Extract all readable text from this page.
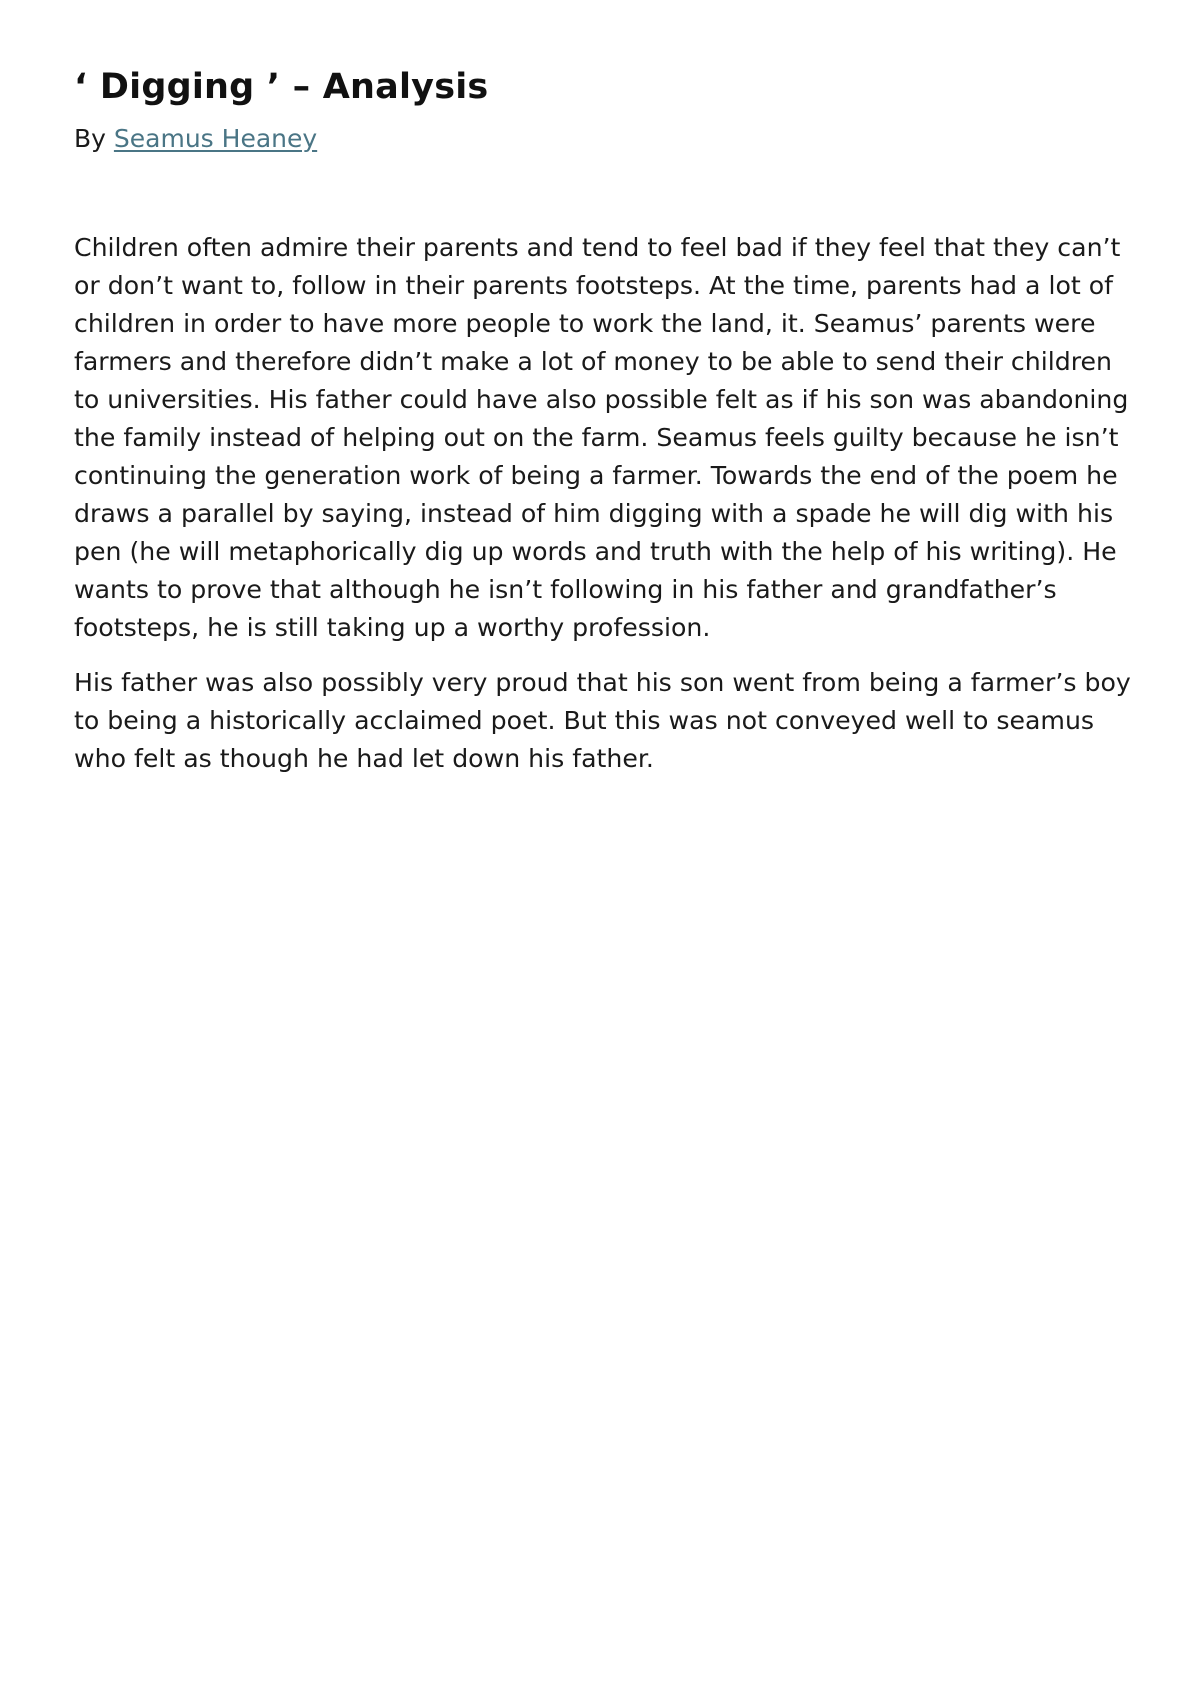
‘ Digging ’ – Analysis

By Seamus Heaney

Children often admire their parents and tend to feel bad if they feel that they can’t or don’t want to, follow in their parents footsteps. At the time, parents had a lot of children in order to have more people to work the land, it. Seamus’ parents were farmers and therefore didn’t make a lot of money to be able to send their children to universities. His father could have also possible felt as if his son was abandoning the family instead of helping out on the farm. Seamus feels guilty because he isn’t continuing the generation work of being a farmer. Towards the end of the poem he draws a parallel by saying, instead of him digging with a spade he will dig with his pen (he will metaphorically dig up words and truth with the help of his writing). He wants to prove that although he isn’t following in his father and grandfather’s footsteps, he is still taking up a worthy profession.

His father was also possibly very proud that his son went from being a farmer’s boy to being a historically acclaimed poet. But this was not conveyed well to seamus who felt as though he had let down his father.
